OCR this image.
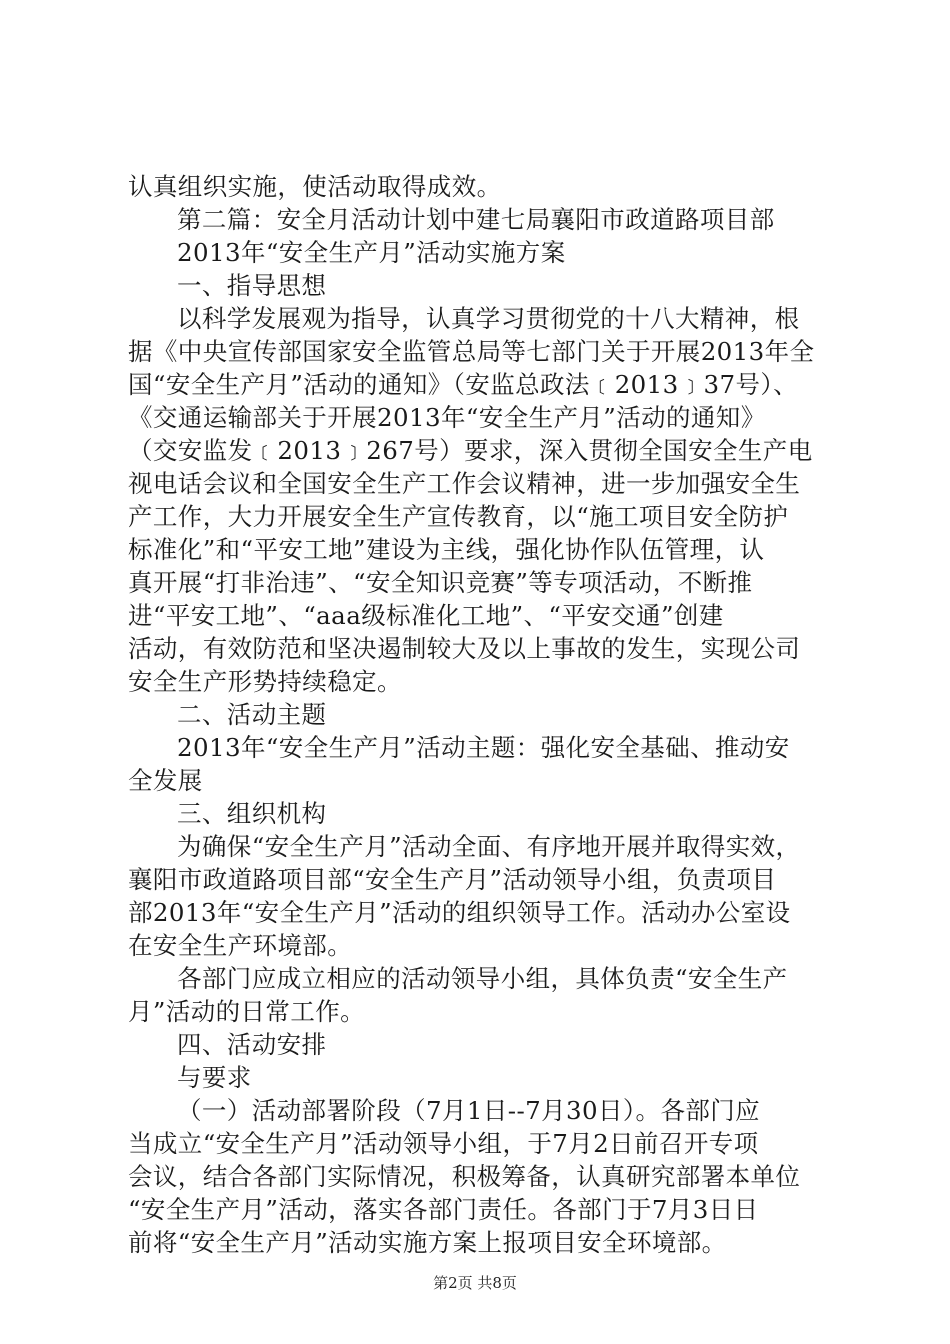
认真组织实施，使活动取得成效。
第二篇：安全月活动计划中建七局襄阳市政道路项目部
2013年“安全生产月”活动实施方案
一、指导思想
以科学发展观为指导，认真学习贯彻党的十八大精神，根
据《中央宣传部国家安全监管总局等七部门关于开展2013年全
国“安全生产月”活动的通知》（安监总政法﹝2013﹞37号）、
《交通运输部关于开展2013年“安全生产月”活动的通知》
（交安监发﹝2013﹞267号）要求，深入贯彻全国安全生产电
视电话会议和全国安全生产工作会议精神，进一步加强安全生
产工作，大力开展安全生产宣传教育，以“施工项目安全防护
标准化”和“平安工地”建设为主线，强化协作队伍管理，认
真开展“打非治违”、“安全知识竞赛”等专项活动，不断推
进“平安工地”、“aaa级标准化工地”、“平安交通”创建
活动，有效防范和坚决遏制较大及以上事故的发生，实现公司
安全生产形势持续稳定。
二、活动主题
2013年“安全生产月”活动主题：强化安全基础、推动安
全发展
三、组织机构
为确保“安全生产月”活动全面、有序地开展并取得实效，
襄阳市政道路项目部“安全生产月”活动领导小组，负责项目
部2013年“安全生产月”活动的组织领导工作。活动办公室设
在安全生产环境部。
各部门应成立相应的活动领导小组，具体负责“安全生产
月”活动的日常工作。
四、活动安排
与要求
（一）活动部署阶段（7月1日--7月30日）。各部门应
当成立“安全生产月”活动领导小组，于7月2日前召开专项
会议，结合各部门实际情况，积极筹备，认真研究部署本单位
“安全生产月”活动，落实各部门责任。各部门于7月3日日
前将“安全生产月”活动实施方案上报项目安全环境部。
第2页 共8页
